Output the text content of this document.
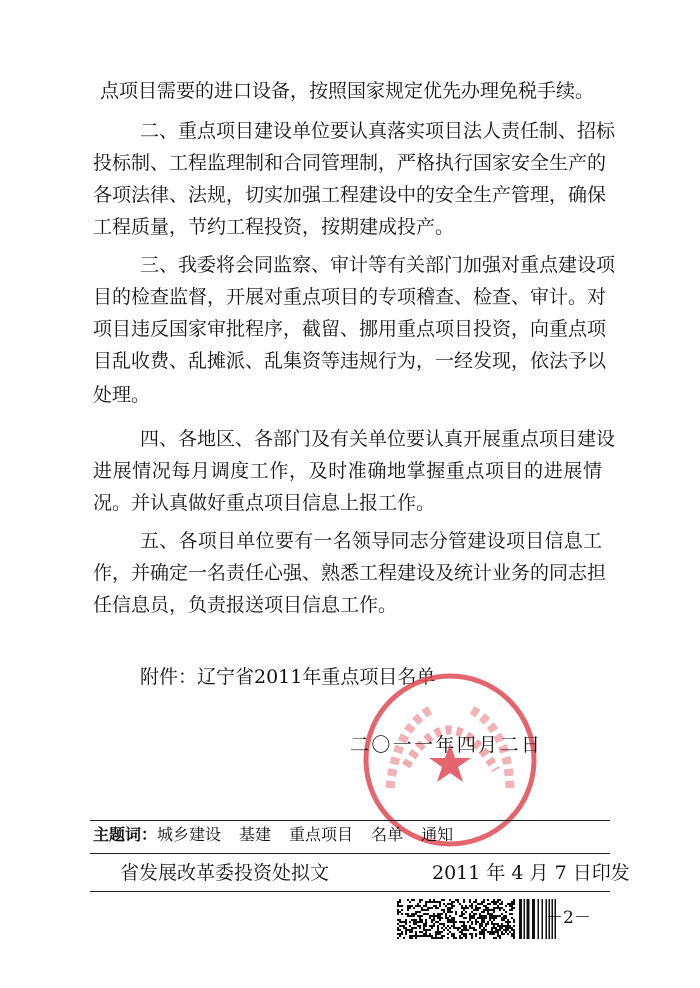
点项目需要的进口设备，按照国家规定优先办理免税手续。
二、重点项目建设单位要认真落实项目法人责任制、招标
投标制、工程监理制和合同管理制，严格执行国家安全生产的
各项法律、法规，切实加强工程建设中的安全生产管理，确保
工程质量，节约工程投资，按期建成投产。
三、我委将会同监察、审计等有关部门加强对重点建设项
目的检查监督，开展对重点项目的专项稽查、检查、审计。对
项目违反国家审批程序，截留、挪用重点项目投资，向重点项
目乱收费、乱摊派、乱集资等违规行为，一经发现，依法予以
处理。
四、各地区、各部门及有关单位要认真开展重点项目建设
进展情况每月调度工作，及时准确地掌握重点项目的进展情
况。并认真做好重点项目信息上报工作。
五、各项目单位要有一名领导同志分管建设项目信息工
作，并确定一名责任心强、熟悉工程建设及统计业务的同志担
任信息员，负责报送项目信息工作。
附件：辽宁省2011年重点项目名单
二〇一一年四月二日
主题词：城乡建设 基建 重点项目 名单 通知
省发展改革委投资处拟文	2011 年 4 月 7 日印发
－2－
